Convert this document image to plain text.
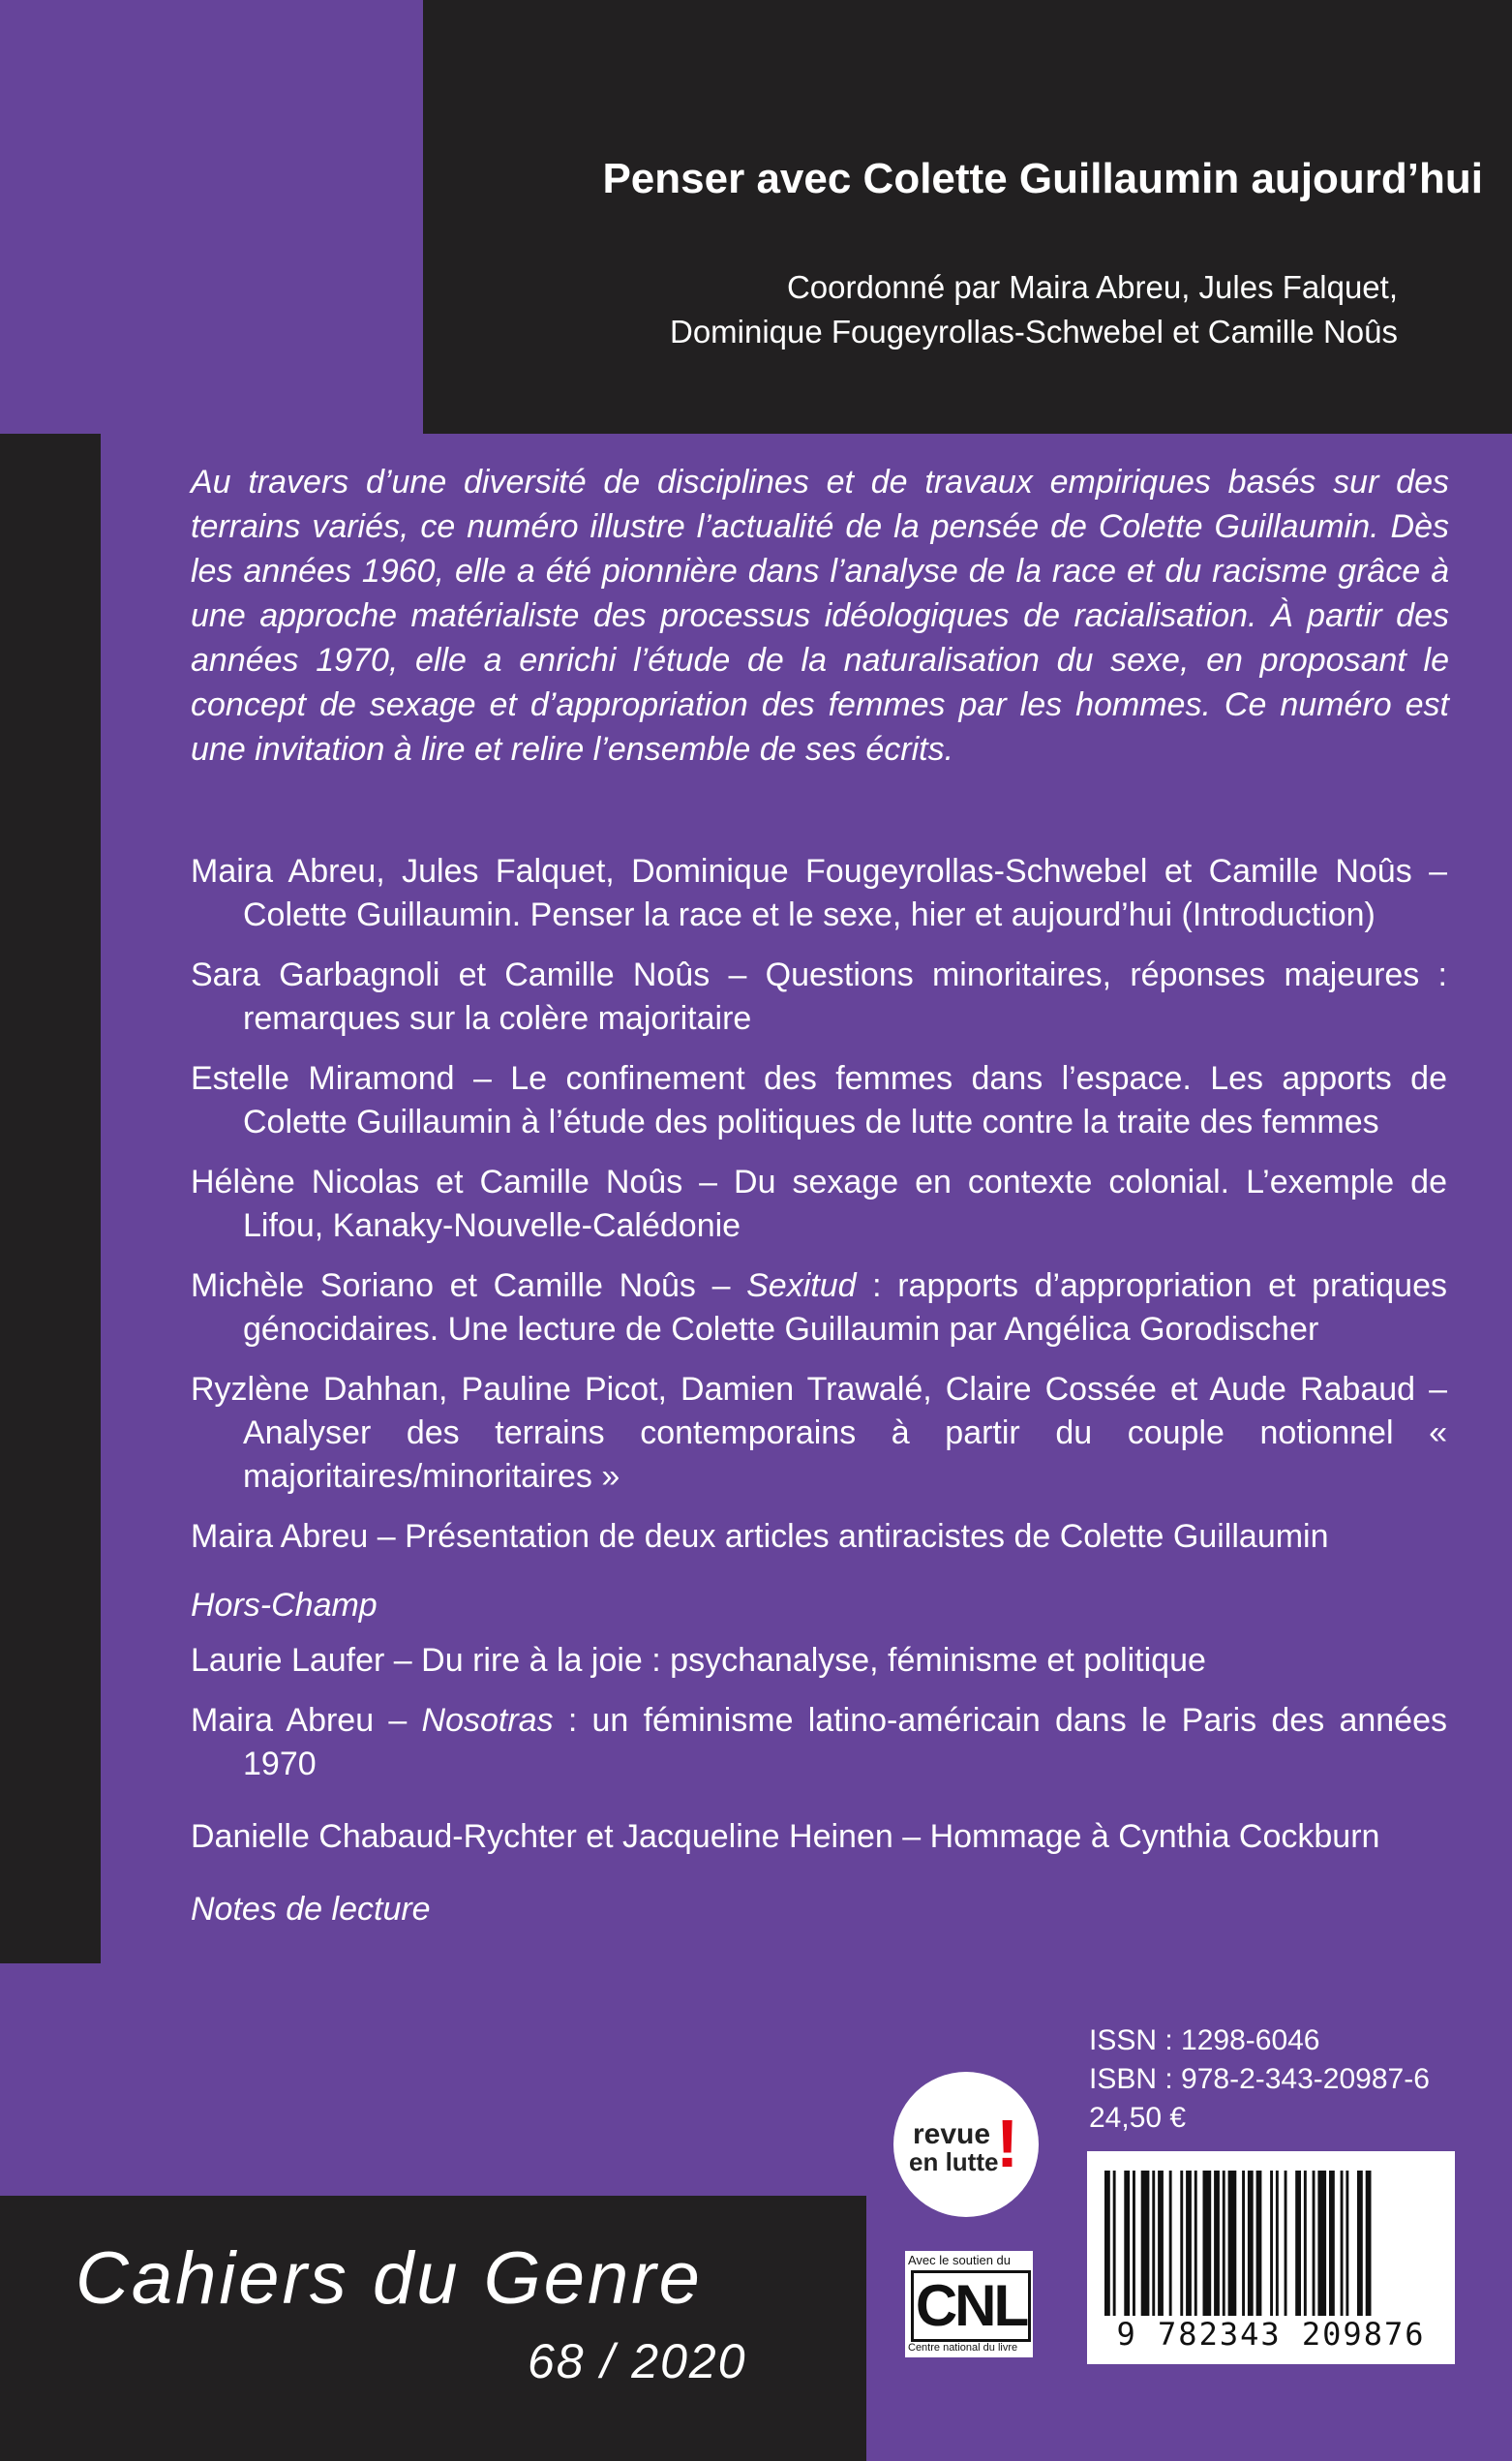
Penser avec Colette Guillaumin aujourd’hui
Coordonné par Maira Abreu, Jules Falquet,
Dominique Fougeyrollas-Schwebel et Camille Noûs

Au travers d’une diversité de disciplines et de travaux empiriques basés sur des terrains variés, ce numéro illustre l’actualité de la pensée de Colette Guillaumin. Dès les années 1960, elle a été pionnière dans l’analyse de la race et du racisme grâce à une approche matérialiste des processus idéologiques de racialisation. À partir des années 1970, elle a enrichi l’étude de la naturalisation du sexe, en proposant le concept de sexage et d’appropriation des femmes par les hommes. Ce numéro est une invitation à lire et relire l’ensemble de ses écrits.

Maira Abreu, Jules Falquet, Dominique Fougeyrollas-Schwebel et Camille Noûs – Colette Guillaumin. Penser la race et le sexe, hier et aujourd’hui (Introduction)

Sara Garbagnoli et Camille Noûs – Questions minoritaires, réponses majeures : remarques sur la colère majoritaire

Estelle Miramond – Le confinement des femmes dans l’espace. Les apports de Colette Guillaumin à l’étude des politiques de lutte contre la traite des femmes

Hélène Nicolas et Camille Noûs – Du sexage en contexte colonial. L’exemple de Lifou, Kanaky-Nouvelle-Calédonie

Michèle Soriano et Camille Noûs – Sexitud : rapports d’appropriation et pratiques génocidaires. Une lecture de Colette Guillaumin par Angélica Gorodischer

Ryzlène Dahhan, Pauline Picot, Damien Trawalé, Claire Cossée et Aude Rabaud – Analyser des terrains contemporains à partir du couple notionnel « majoritaires/minoritaires »

Maira Abreu – Présentation de deux articles antiracistes de Colette Guillaumin

Hors-Champ

Laurie Laufer – Du rire à la joie : psychanalyse, féminisme et politique

Maira Abreu – Nosotras : un féminisme latino-américain dans le Paris des années 1970

Danielle Chabaud-Rychter et Jacqueline Heinen – Hommage à Cynthia Cockburn

Notes de lecture

ISSN : 1298-6046
ISBN : 978-2-343-20987-6
24,50 €
revue
en lutte
!
Avec le soutien du
CNL
Centre national du livre	9 782343 209876
Cahiers du Genre
68 / 2020
